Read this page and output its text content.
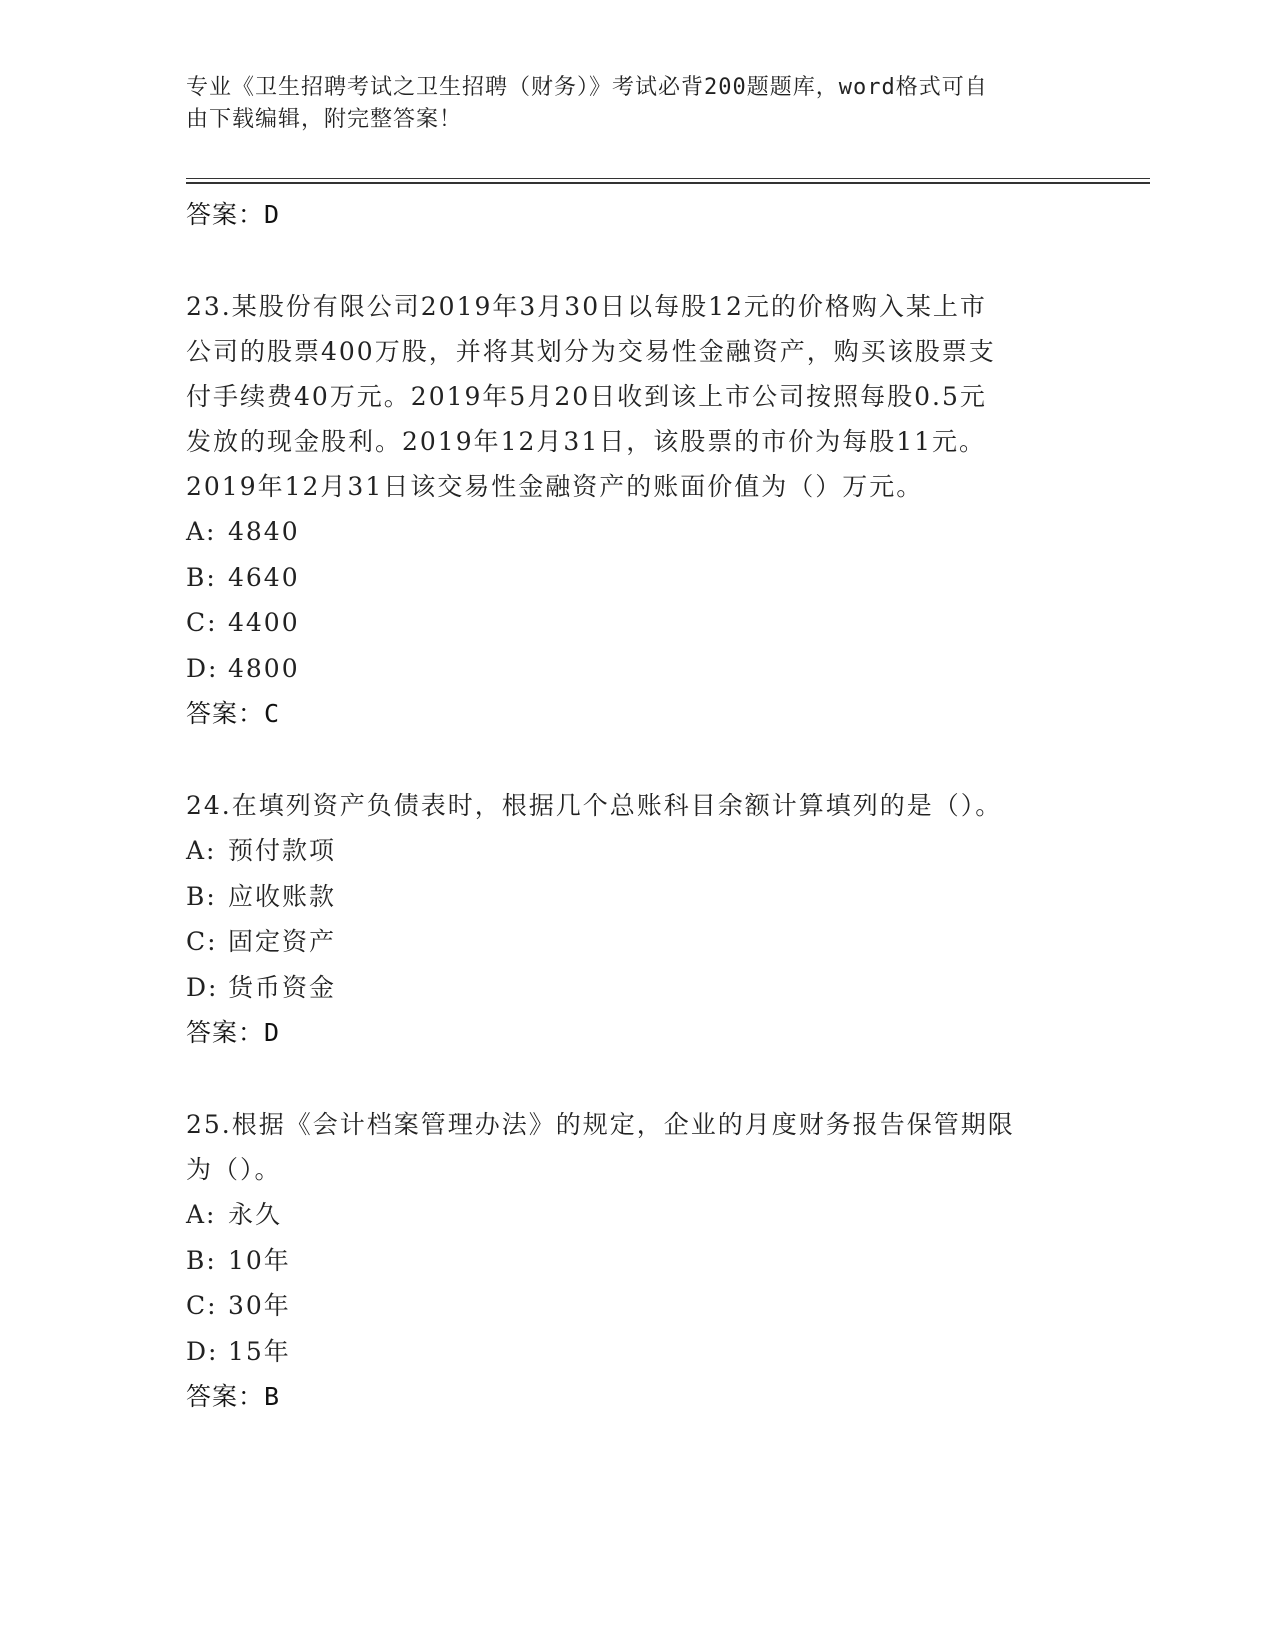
专业《卫生招聘考试之卫生招聘（财务）》考试必背200题题库，word格式可自
由下载编辑，附完整答案！
答案：D
23.某股份有限公司2019年3月30日以每股12元的价格购入某上市
公司的股票400万股，并将其划分为交易性金融资产，购买该股票支
付手续费40万元。2019年5月20日收到该上市公司按照每股0.5元
发放的现金股利。2019年12月31日，该股票的市价为每股11元。
2019年12月31日该交易性金融资产的账面价值为（）万元。
A: 4840
B: 4640
C: 4400
D: 4800
答案：C
24.在填列资产负债表时，根据几个总账科目余额计算填列的是（）。
A: 预付款项
B: 应收账款
C: 固定资产
D: 货币资金
答案：D
25.根据《会计档案管理办法》的规定，企业的月度财务报告保管期限
为（）。
A: 永久
B: 10年
C: 30年
D: 15年
答案：B
